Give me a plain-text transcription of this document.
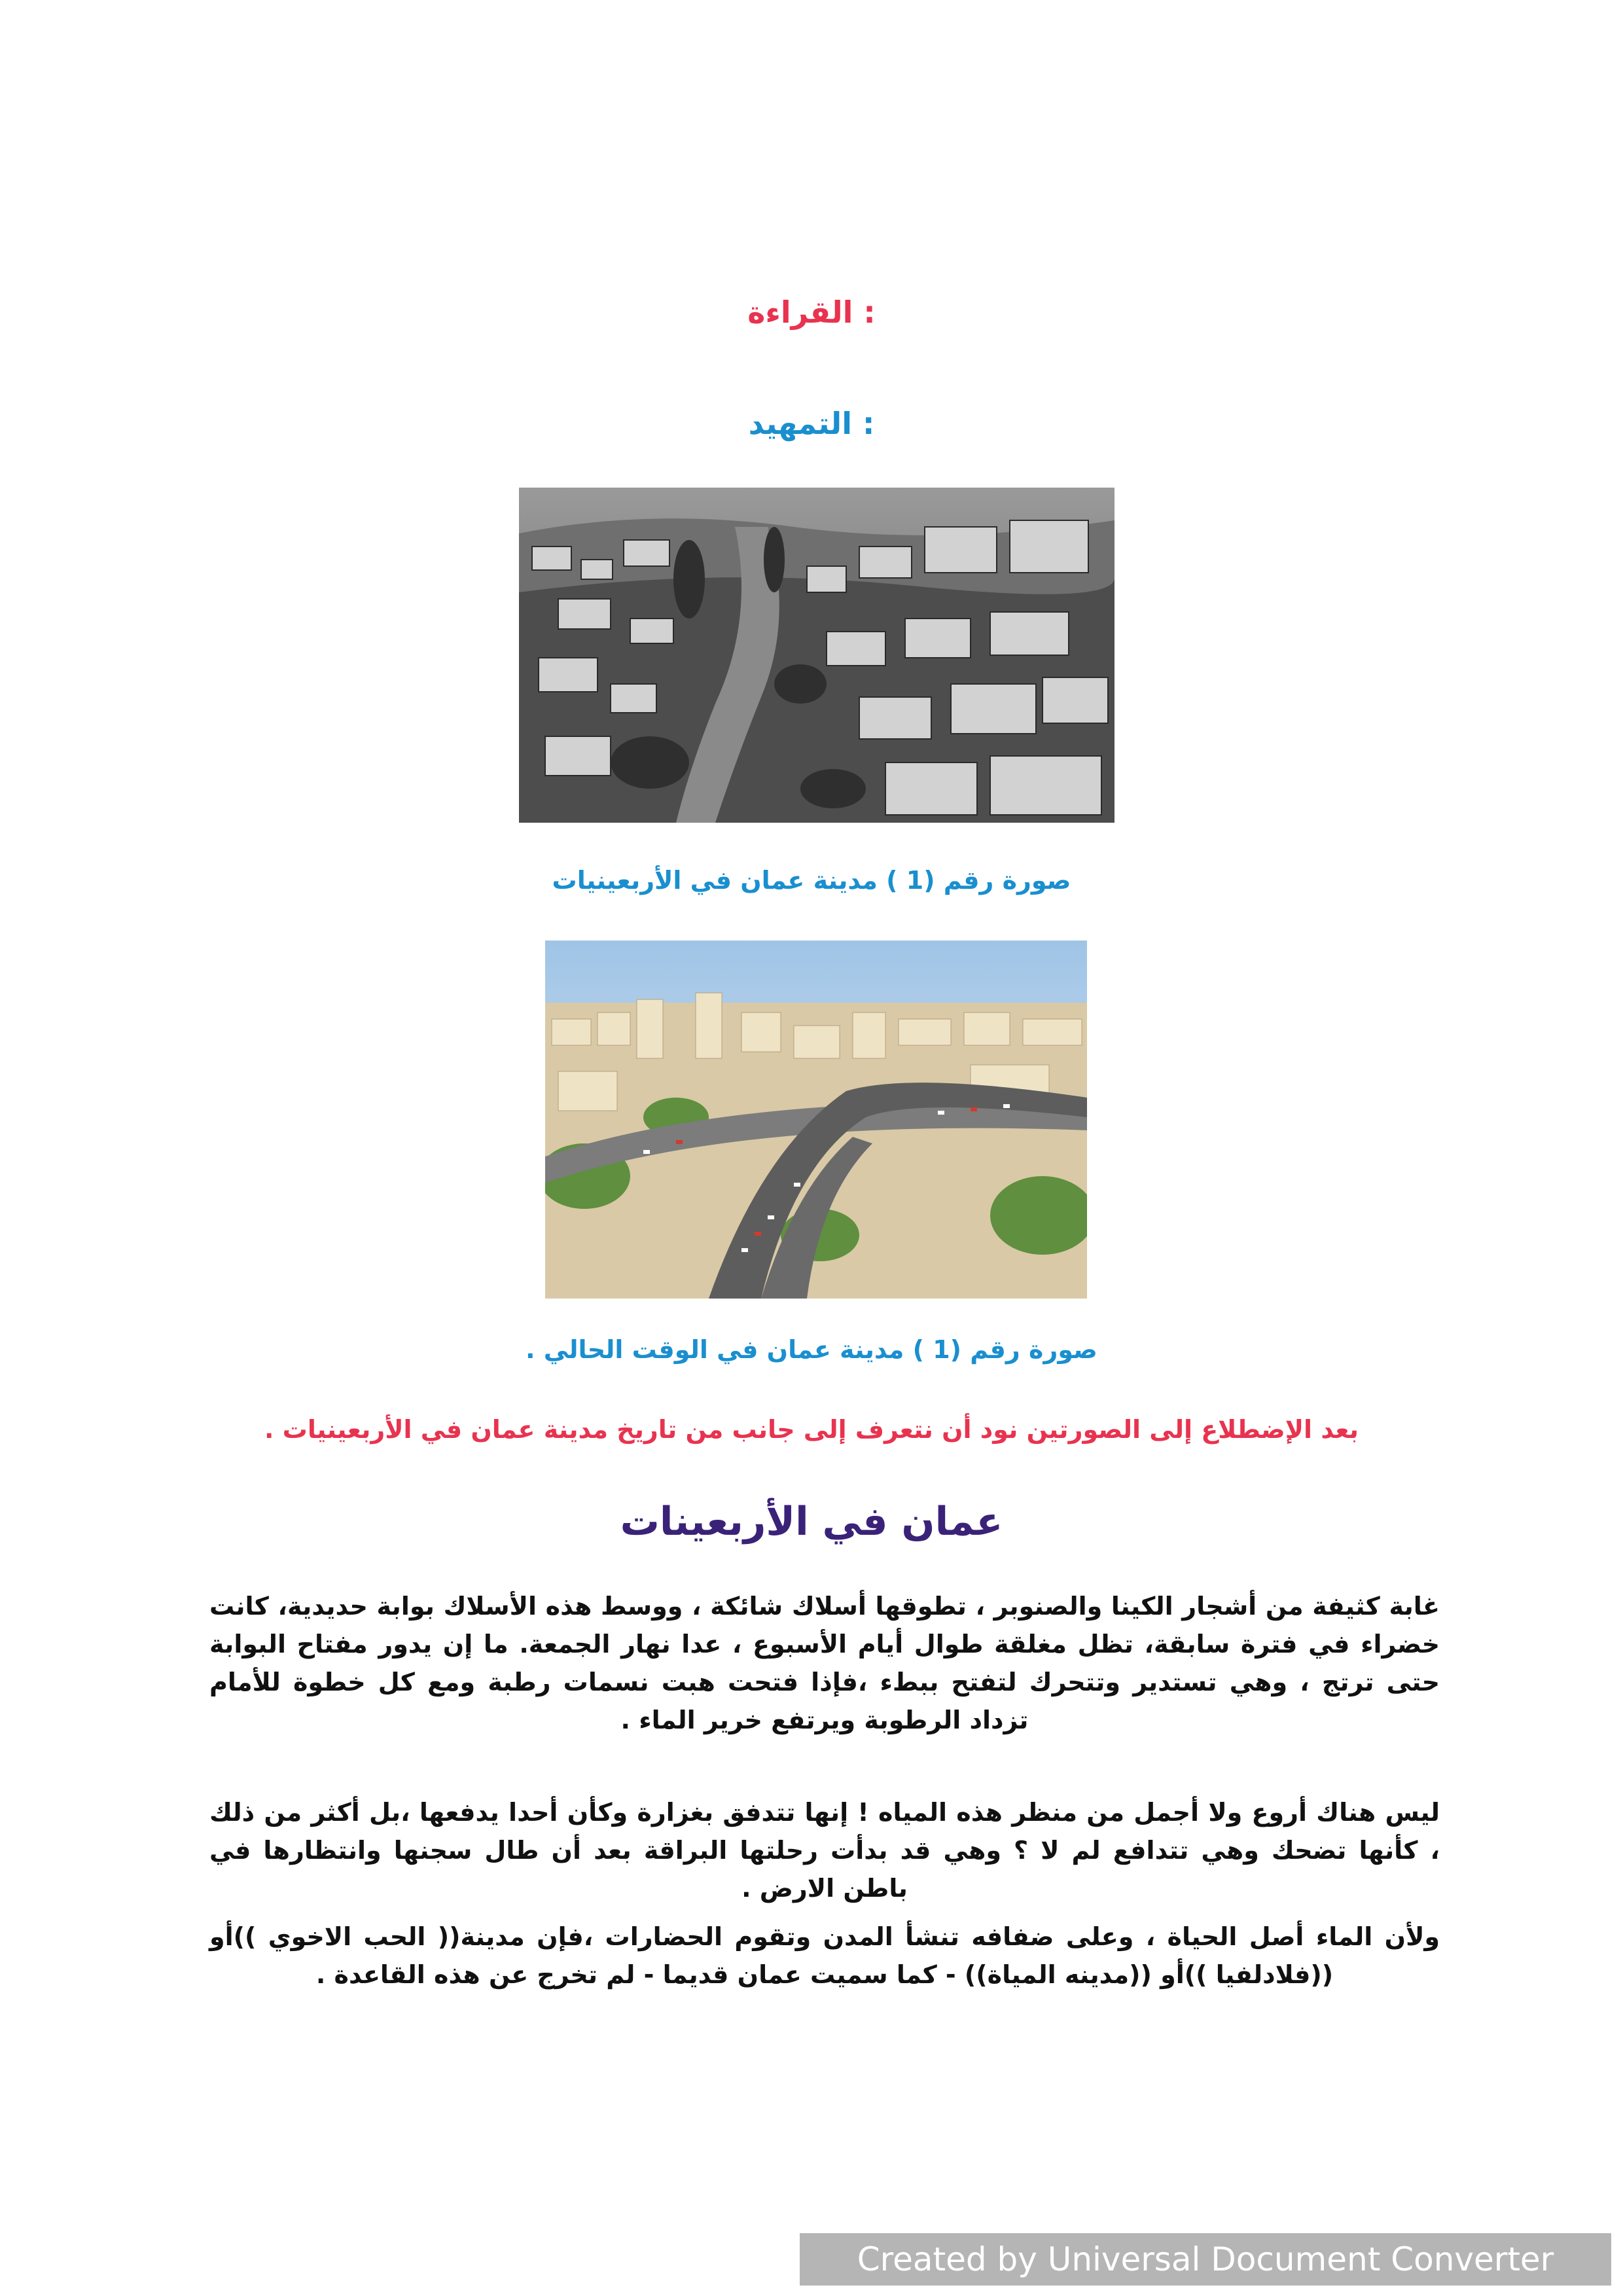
: القراءة
: التمهيد
صورة رقم (1 ) مدينة عمان في الأربعينيات
صورة رقم (1 ) مدينة عمان في الوقت الحالي .
بعد الإضطلاع إلى الصورتين نود أن نتعرف إلى جانب من تاريخ مدينة عمان في الأربعينيات .
عمان في الأربعينات
غابة كثيفة من أشجار الكينا والصنوبر ، تطوقها أسلاك شائكة ، ووسط هذه الأسلاك بوابة حديدية، كانت خضراء في فترة سابقة، تظل مغلقة طوال أيام الأسبوع ، عدا نهار الجمعة. ما إن يدور مفتاح البوابة حتى ترتج ، وهي تستدير وتتحرك لتفتح ببطء ،فإذا فتحت هبت نسمات رطبة ومع كل خطوة للأمام تزداد الرطوبة ويرتفع خرير الماء .
ليس هناك أروع ولا أجمل من منظر هذه المياه ! إنها تتدفق بغزارة وكأن أحدا يدفعها ،بل أكثر من ذلك ، كأنها تضحك وهي تتدافع لم لا ؟ وهي قد بدأت رحلتها البراقة بعد أن طال سجنها وانتظارها في باطن الارض .
ولأن الماء أصل الحياة ، وعلى ضفافه تنشأ المدن وتقوم الحضارات ،فإن مدينة(( الحب الاخوي ))أو ((فلادلفيا ))أو ((مدينه المياة)) - كما سميت عمان قديما - لم تخرج عن هذه القاعدة .
Created by Universal Document Converter
